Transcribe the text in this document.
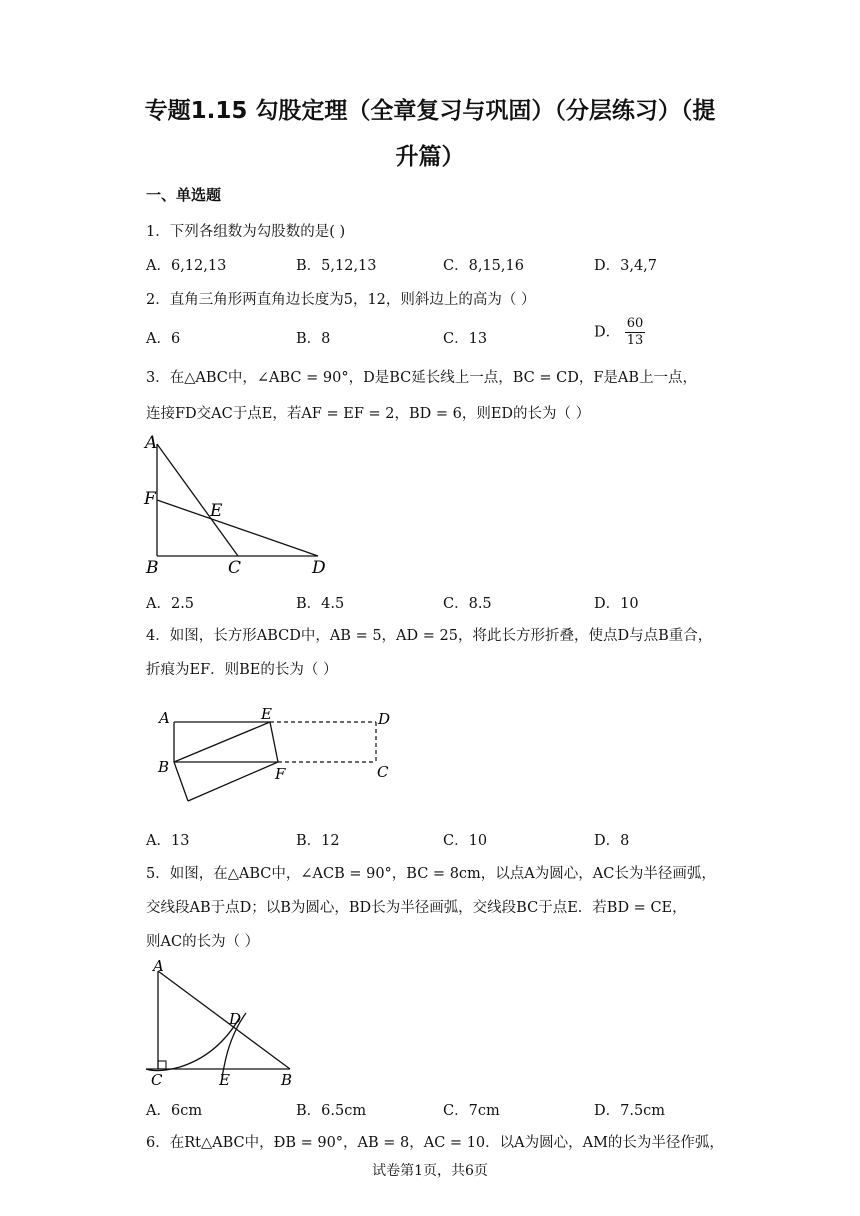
专题1.15 勾股定理（全章复习与巩固）（分层练习）（提
升篇）
一、单选题
1．下列各组数为勾股数的是( )
A．6,12,13	B．5,12,13	C．8,15,16	D．3,4,7
2．直角三角形两直角边长度为5，12，则斜边上的高为（ ）
A．6	B．8	C．13	D． $\frac{60}{13}$
3．在△ABC中，∠ABC = 90°，D是BC延长线上一点，BC = CD，F是AB上一点，
连接FD交AC于点E，若AF = EF = 2，BD = 6，则ED的长为（ ）
A
F
E
B	C	D
A．2.5	B．4.5	C．8.5	D．10
4．如图，长方形ABCD中，AB = 5，AD = 25，将此长方形折叠，使点D与点B重合，
折痕为EF．则BE的长为（ ）
A	E	D
B	F	C
A．13	B．12	C．10	D．8
5．如图，在△ABC中，∠ACB = 90°，BC = 8cm，以点A为圆心，AC长为半径画弧，
交线段AB于点D；以B为圆心，BD长为半径画弧，交线段BC于点E．若BD = CE，
则AC的长为（ ）
A
D
C	E	B
A．6cm	B．6.5cm	C．7cm	D．7.5cm
6．在Rt△ABC中，ÐB = 90°，AB = 8，AC = 10．以A为圆心，AM的长为半径作弧，
试卷第1页，共6页
